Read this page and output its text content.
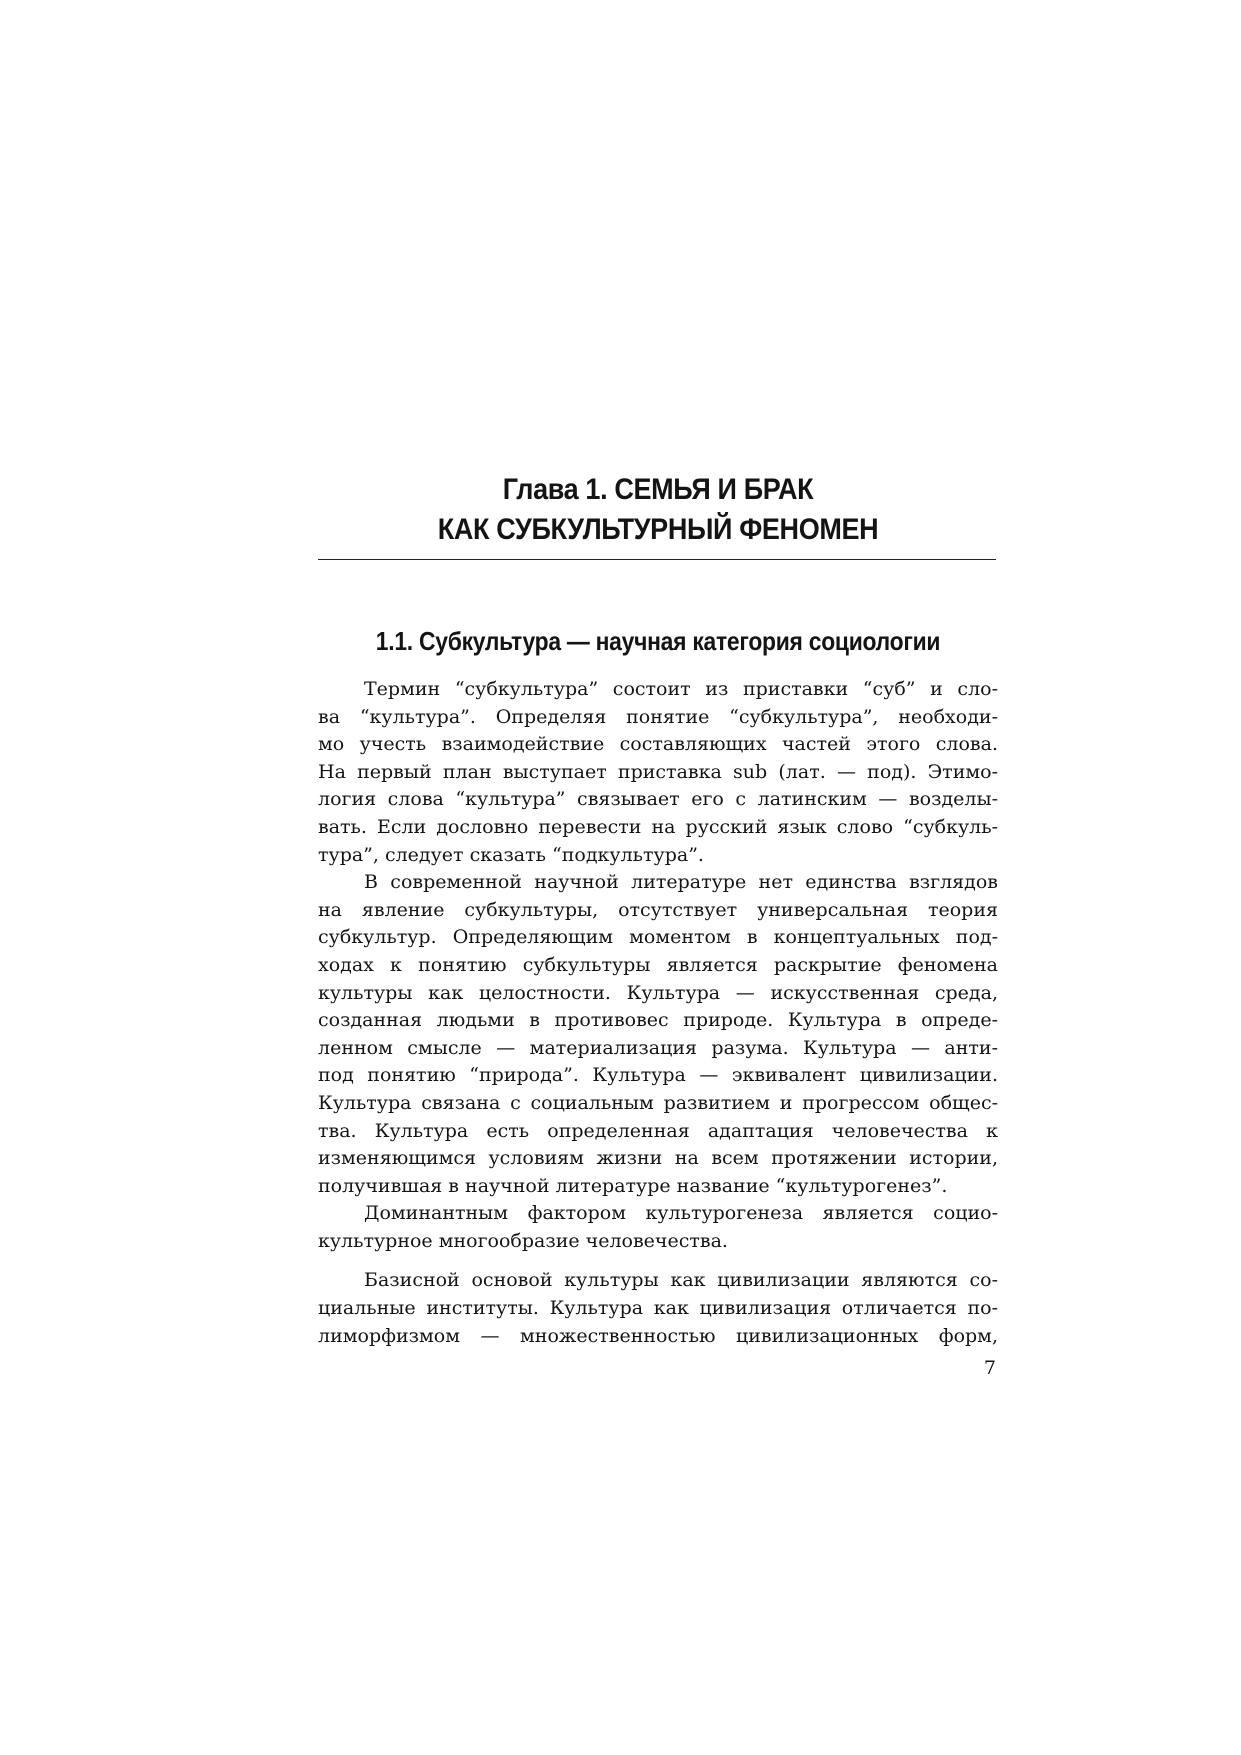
Глава 1. СЕМЬЯ И БРАК
КАК СУБКУЛЬТУРНЫЙ ФЕНОМЕН
1.1. Субкультура — научная категория социологии
Термин “субкультура” состоит из приставки “суб” и сло-
ва “культура”. Определяя понятие “субкультура”, необходи-
мо учесть взаимодействие составляющих частей этого слова.
На первый план выступает приставка sub (лат. — под). Этимо-
логия слова “культура” связывает его с латинским — возделы-
вать. Если дословно перевести на русский язык слово “субкуль-
тура”, следует сказать “подкультура”.
В современной научной литературе нет единства взглядов
на явление субкультуры, отсутствует универсальная теория
субкультур. Определяющим моментом в концептуальных под-
ходах к понятию субкультуры является раскрытие феномена
культуры как целостности. Культура — искусственная среда,
созданная людьми в противовес природе. Культура в опреде-
ленном смысле — материализация разума. Культура — анти-
под понятию “природа”. Культура — эквивалент цивилизации.
Культура связана с социальным развитием и прогрессом общес-
тва. Культура есть определенная адаптация человечества к
изменяющимся условиям жизни на всем протяжении истории,
получившая в научной литературе название “культурогенез”.
Доминантным фактором культурогенеза является социо-
культурное многообразие человечества.
Базисной основой культуры как цивилизации являются со-
циальные институты. Культура как цивилизация отличается по-
лиморфизмом — множественностью цивилизационных форм,
7
